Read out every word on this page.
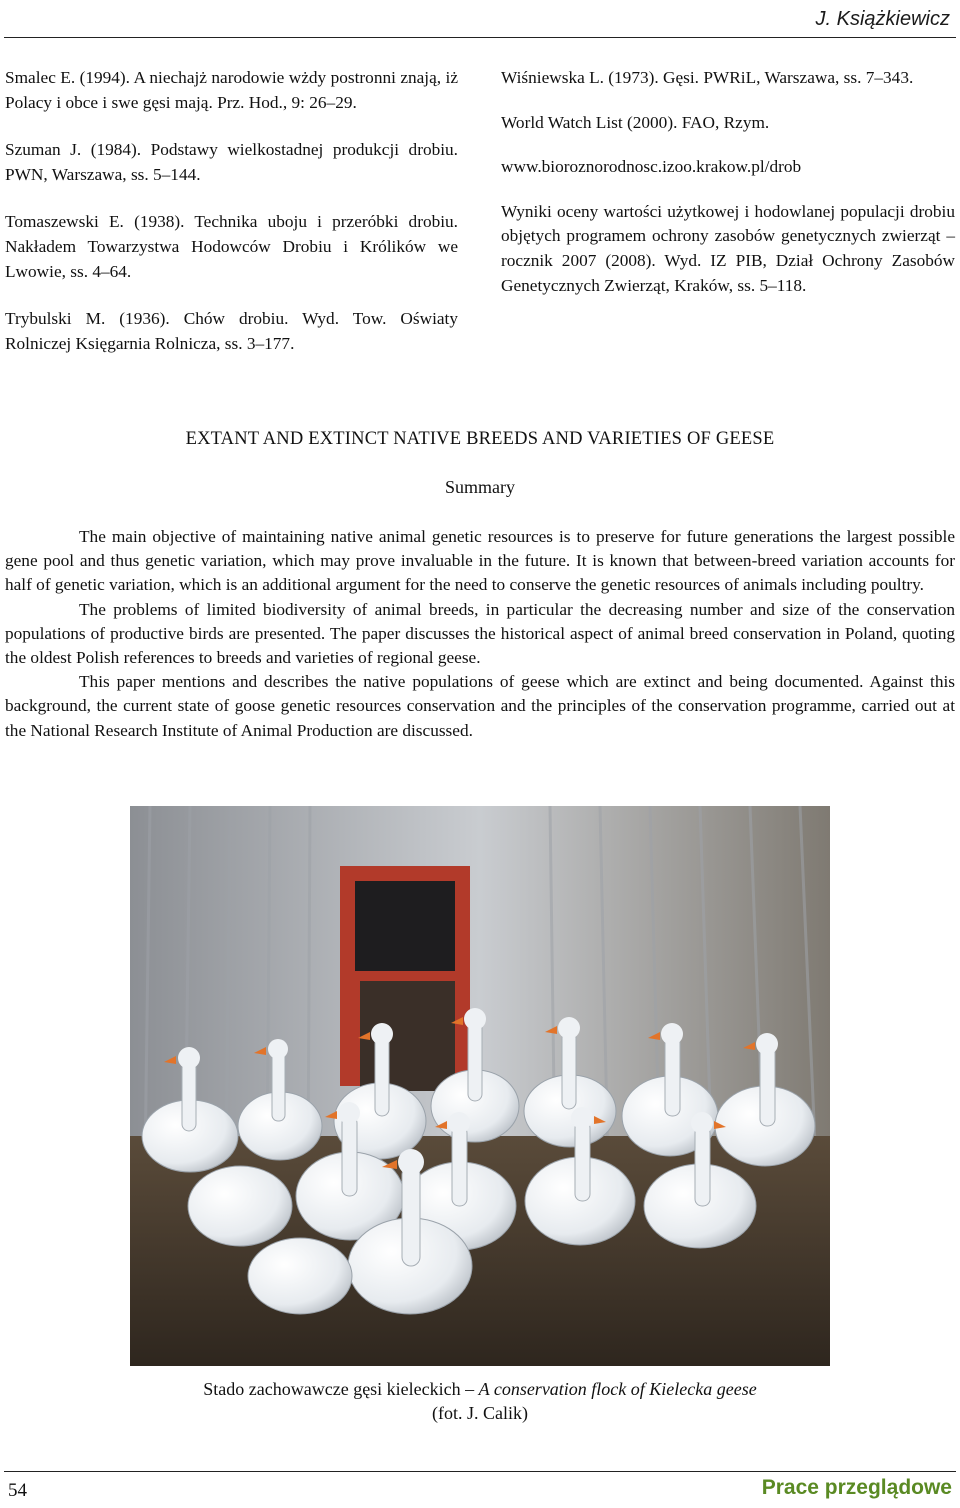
J. Książkiewicz

Smalec E. (1994). A niechajż narodowie wżdy postronni znają, iż Polacy i obce i swe gęsi mają. Prz. Hod., 9: 26–29.

Szuman J. (1984). Podstawy wielkostadnej produkcji drobiu. PWN, Warszawa, ss. 5–144.

Tomaszewski E. (1938). Technika uboju i przeróbki drobiu. Nakładem Towarzystwa Hodowców Drobiu i Królików we Lwowie, ss. 4–64.

Trybulski M. (1936). Chów drobiu. Wyd. Tow. Oświaty Rolniczej Księgarnia Rolnicza, ss. 3–177.

Wiśniewska L. (1973). Gęsi. PWRiL, Warszawa, ss. 7–343.

World Watch List (2000). FAO, Rzym.

www.bioroznorodnosc.izoo.krakow.pl/drob

Wyniki oceny wartości użytkowej i hodowlanej populacji drobiu objętych programem ochrony zasobów genetycznych zwierząt – rocznik 2007 (2008). Wyd. IZ PIB, Dział Ochrony Zasobów Genetycznych Zwierząt, Kraków, ss. 5–118.

EXTANT AND EXTINCT NATIVE BREEDS AND VARIETIES OF GEESE
Summary

The main objective of maintaining native animal genetic resources is to preserve for future generations the largest possible gene pool and thus genetic variation, which may prove invaluable in the future. It is known that between-breed variation accounts for half of genetic variation, which is an additional argument for the need to conserve the genetic resources of animals including poultry.

The problems of limited biodiversity of animal breeds, in particular the decreasing number and size of the conservation populations of productive birds are presented. The paper discusses the historical aspect of animal breed conservation in Poland, quoting the oldest Polish references to breeds and varieties of regional geese.

This paper mentions and describes the native populations of geese which are extinct and being documented. Against this background, the current state of goose genetic resources conservation and the principles of the conservation programme, carried out at the National Research Institute of Animal Production are discussed.

Stado zachowawcze gęsi kieleckich – A conservation flock of Kielecka geese
(fot. J. Calik)
54	Prace przeglądowe
